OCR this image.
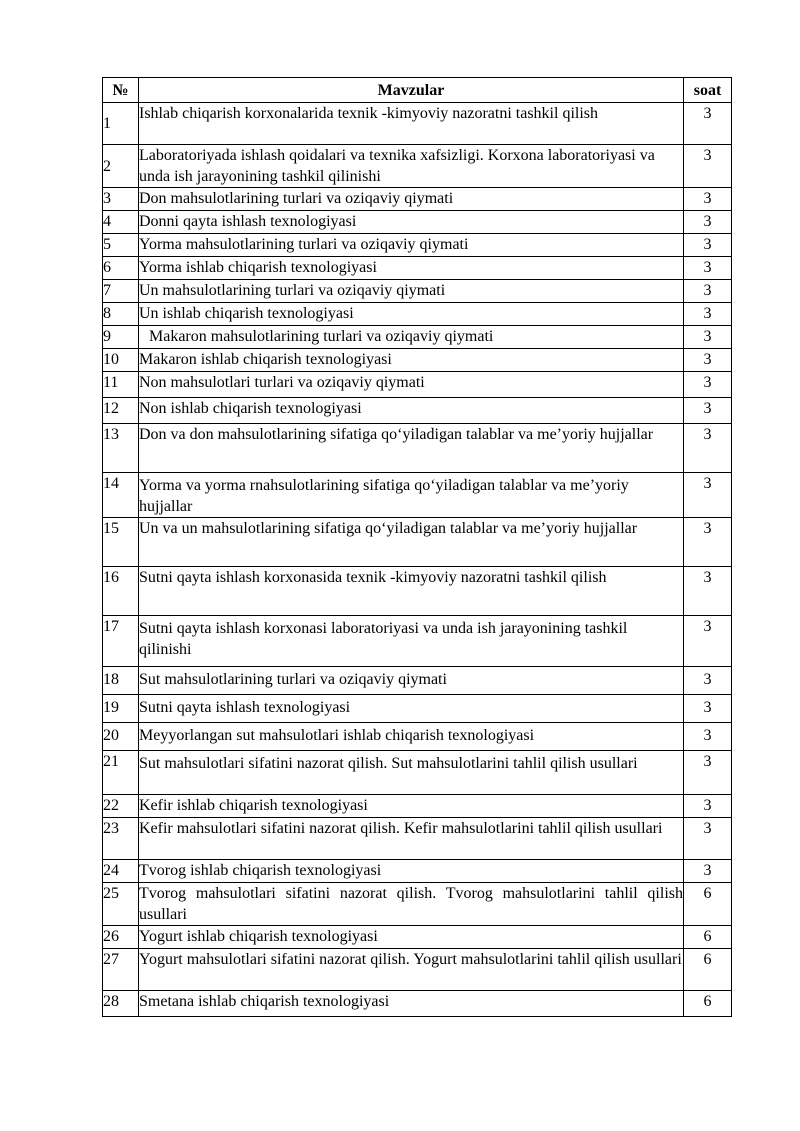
№	Mavzular	soat
1	Ishlab chiqarish korxonalarida texnik -kimyoviy nazoratni tashkil qilish	3
2	Laboratoriyada ishlash qoidalari va texnika xafsizligi. Korxona laboratoriyasi va unda ish jarayonining tashkil qilinishi	3
3	Don mahsulotlarining turlari va oziqaviy qiymati	3
4	Donni qayta ishlash texnologiyasi	3
5	Yorma mahsulotlarining turlari va oziqaviy qiymati	3
6	Yorma ishlab chiqarish texnologiyasi	3
7	Un mahsulotlarining turlari va oziqaviy qiymati	3
8	Un ishlab chiqarish texnologiyasi	3
9	Makaron mahsulotlarining turlari va oziqaviy qiymati	3
10	Makaron ishlab chiqarish texnologiyasi	3
11	Non mahsulotlari turlari va oziqaviy qiymati	3
12	Non ishlab chiqarish texnologiyasi	3
13	Don va don mahsulotlarining sifatiga qo‘yiladigan talablar va me’yoriy hujjallar	3
14	Yorma va yorma rnahsulotlarining sifatiga qo‘yiladigan talablar va me’yoriy hujjallar	3
15	Un va un mahsulotlarining sifatiga qo‘yiladigan talablar va me’yoriy hujjallar	3
16	Sutni qayta ishlash korxonasida texnik -kimyoviy nazoratni tashkil qilish	3
17	Sutni qayta ishlash korxonasi laboratoriyasi va unda ish jarayonining tashkil qilinishi	3
18	Sut mahsulotlarining turlari va oziqaviy qiymati	3
19	Sutni qayta ishlash texnologiyasi	3
20	Meyyorlangan sut mahsulotlari ishlab chiqarish texnologiyasi	3
21	Sut mahsulotlari sifatini nazorat qilish. Sut mahsulotlarini tahlil qilish usullari	3
22	Kefir ishlab chiqarish texnologiyasi	3
23	Kefir mahsulotlari sifatini nazorat qilish. Kefir mahsulotlarini tahlil qilish usullari	3
24	Tvorog ishlab chiqarish texnologiyasi	3
25	Tvorog mahsulotlari sifatini nazorat qilish. Tvorog mahsulotlarini tahlil qilish usullari	6
26	Yogurt ishlab chiqarish texnologiyasi	6
27	Yogurt mahsulotlari sifatini nazorat qilish. Yogurt mahsulotlarini tahlil qilish usullari	6
28	Smetana ishlab chiqarish texnologiyasi	6
